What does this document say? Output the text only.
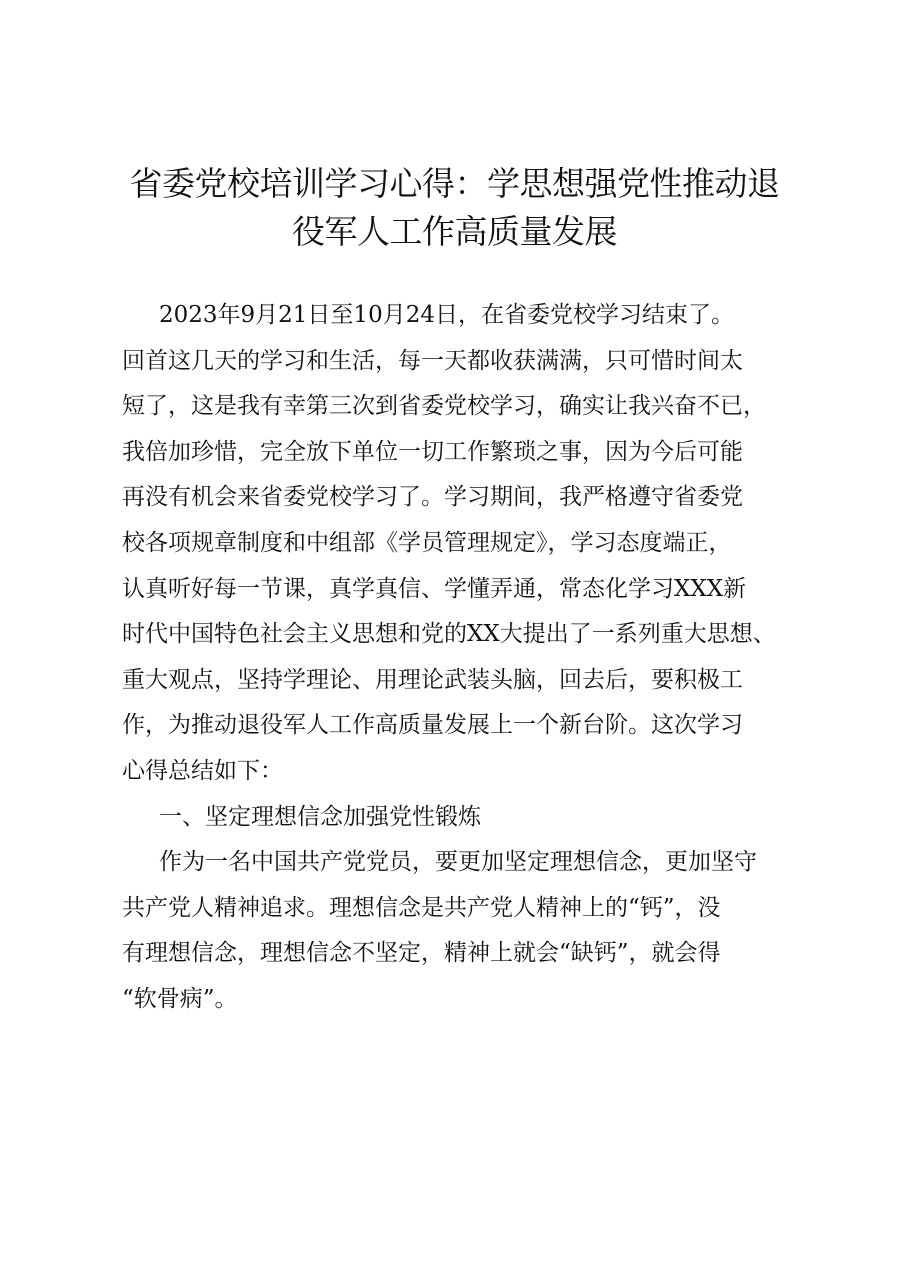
省委党校培训学习心得：学思想强党性推动退
役军人工作高质量发展
2023年9月21日至10月24日，在省委党校学习结束了。
回首这几天的学习和生活，每一天都收获满满，只可惜时间太
短了，这是我有幸第三次到省委党校学习，确实让我兴奋不已，
我倍加珍惜，完全放下单位一切工作繁琐之事，因为今后可能
再没有机会来省委党校学习了。学习期间，我严格遵守省委党
校各项规章制度和中组部《学员管理规定》，学习态度端正，
认真听好每一节课，真学真信、学懂弄通，常态化学习XXX新
时代中国特色社会主义思想和党的XX大提出了一系列重大思想、
重大观点，坚持学理论、用理论武装头脑，回去后，要积极工
作，为推动退役军人工作高质量发展上一个新台阶。这次学习
心得总结如下：
一、坚定理想信念加强党性锻炼
作为一名中国共产党党员，要更加坚定理想信念，更加坚守
共产党人精神追求。理想信念是共产党人精神上的“钙”，没
有理想信念，理想信念不坚定，精神上就会“缺钙”，就会得
“软骨病”。
